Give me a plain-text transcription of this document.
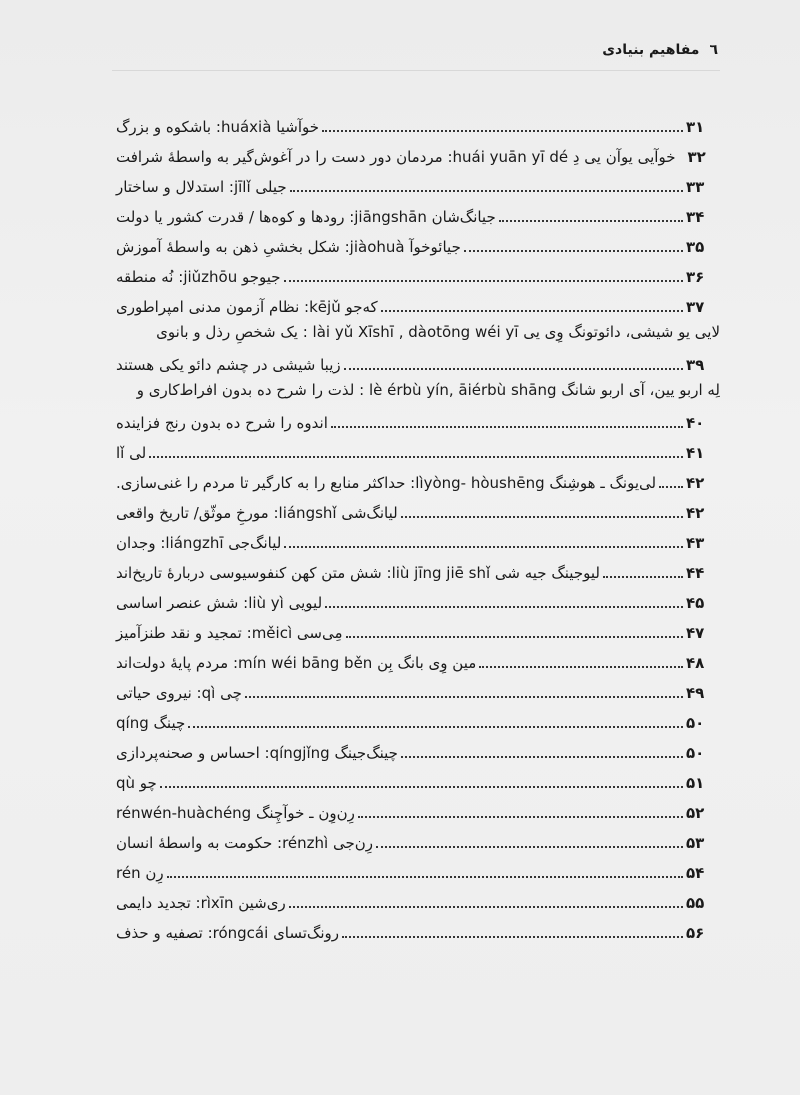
٦
مفاهیم بنیادی
خوآشیا huáxià: باشکوه و بزرگ	۳۱
خوآیی یوآن یی دِ huái yuān yī dé: مردمان دور دست را در آغوش‌گیر به واسطهٔ شرافت ۳۲
جیلی jīlǐ: استدلال و ساختار	۳۳
جیانگ‌شان jiāngshān: رودها و کوه‌ها / قدرت کشور یا دولت	۳۴
جیائوخوآ jiàohuà: شکل بخشیِ ذهن به واسطهٔ آموزش	۳۵
جیوجو jiǔzhōu: نُه منطقه	۳۶
که‌جو kējǔ: نظام آزمون مدنی امپراطوری	۳۷
لایی یو شیشی، دائوتونگ وِی یی lài yǔ Xīshī , dàotōng wéi yī : یک شخصِ رذل و بانوی
زیبا شیشی در چشم دائو یکی هستند	۳۹
لِه اربو یین، آی اربو شانگ lè érbù yín, āiérbù shāng : لذت را شرح ده بدون افراط‌کاری و
اندوه را شرح ده بدون رنج فزاینده	۴۰
لی lǐ	۴۱
لی‌یونگ ـ هوشِنگ lìyòng- hòushēng: حداکثر منابع را به کارگیر تا مردم را غنی‌سازی. ۴۲
لیانگ‌شی liángshǐ: مورخِ موثّق/ تاریخ واقعی	۴۲
لیانگ‌جی liángzhī: وجدان	۴۳
لیوجینگ جیه شی liù jīng jiē shǐ: شش متن کهن کنفوسیوسی دربارهٔ تاریخ‌اند	۴۴
لیویی liù yì: شش عنصر اساسی	۴۵
مِی‌سی měicì: تمجید و نقد طنزآمیز	۴۷
مین وِی بانگ بِن mín wéi bāng běn: مردم پایهٔ دولت‌اند	۴۸
چی qì: نیروی حیاتی	۴۹
چینگ qíng	۵۰
چینگ‌جینگ qíngjǐng: احساس و صحنه‌پردازی	۵۰
چو qù	۵۱
رِن‌وِن ـ خوآچِنگ rénwén-huàchéng	۵۲
رِن‌جی rénzhì: حکومت به واسطهٔ انسان	۵۳
رِن rén	۵۴
ری‌شین rìxīn: تجدید دایمی	۵۵
رونگ‌تسای róngcái: تصفیه و حذف	۵۶
